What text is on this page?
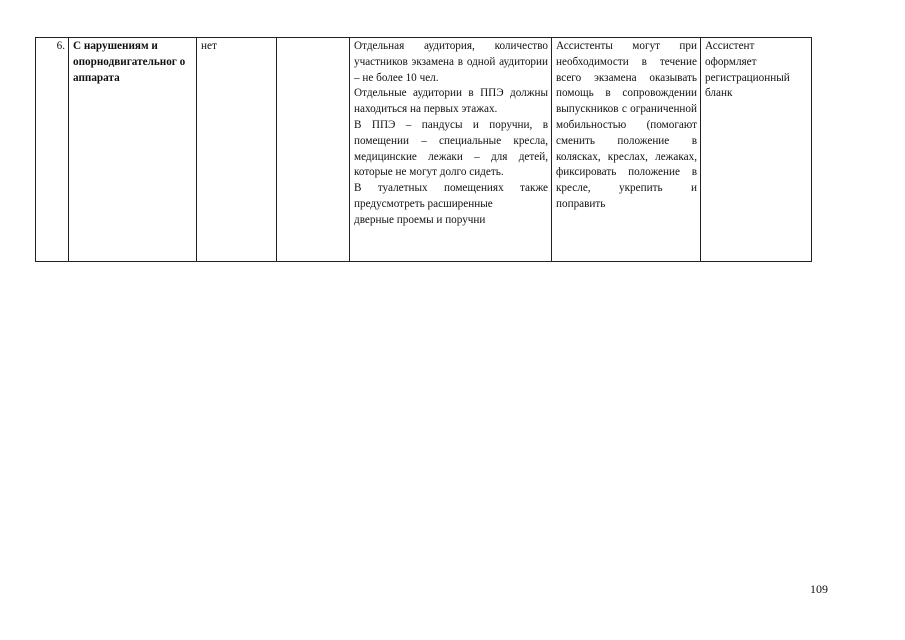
6.	С нарушениям и опорнодвигательног о аппарата	нет		Отдельная аудитория, количество участников экзамена в одной аудитории – не более 10 чел.
Отдельные аудитории в ППЭ должны находиться на первых этажах.
В ППЭ – пандусы и поручни, в помещении – специальные кресла, медицинские лежаки – для детей, которые не могут долго сидеть.
В туалетных помещениях также предусмотреть расширенные
дверные проемы и поручни
	Ассистенты могут при необходимости в течение всего экзамена оказывать помощь в сопровождении выпускников с ограниченной мобильностью (помогают сменить положение в колясках, креслах, лежаках, фиксировать положение в кресле, укрепить и поправить	Ассистент оформляет регистрационный бланк
109
